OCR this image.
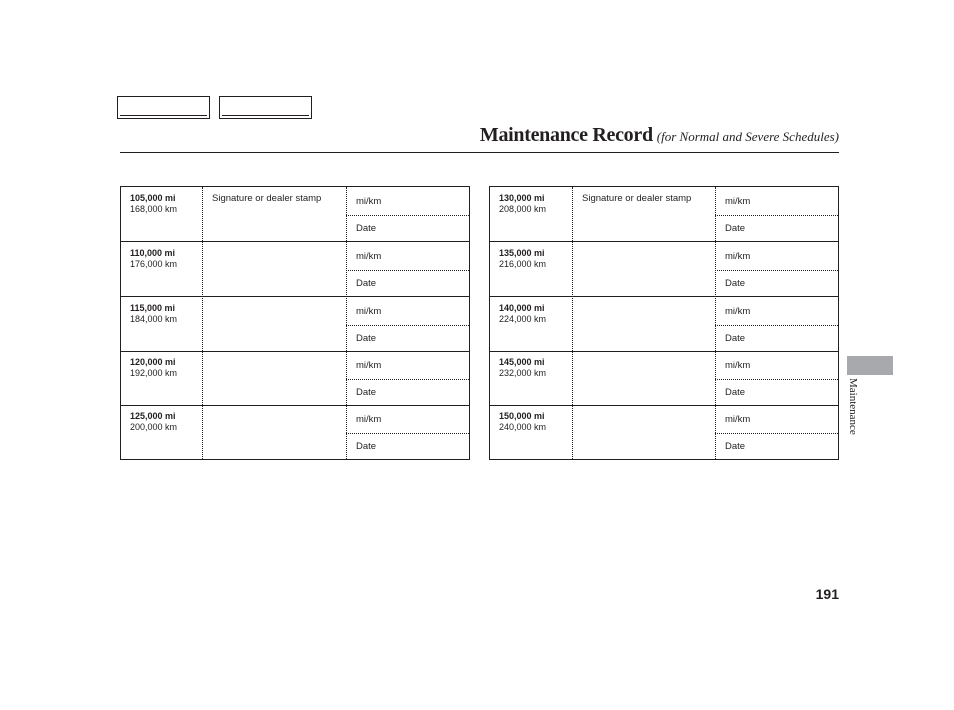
Maintenance Record (for Normal and Severe Schedules)
105,000 mi
168,000 km
Signature or dealer stamp	mi/km
Date
110,000 mi
176,000 km
mi/km
Date
115,000 mi
184,000 km
mi/km
Date
120,000 mi
192,000 km
mi/km
Date
125,000 mi
200,000 km
mi/km
Date
130,000 mi
208,000 km
Signature or dealer stamp	mi/km
Date
135,000 mi
216,000 km
mi/km
Date
140,000 mi
224,000 km
mi/km
Date
145,000 mi
232,000 km
mi/km
Date
150,000 mi
240,000 km
mi/km
Date
Maintenance
191
